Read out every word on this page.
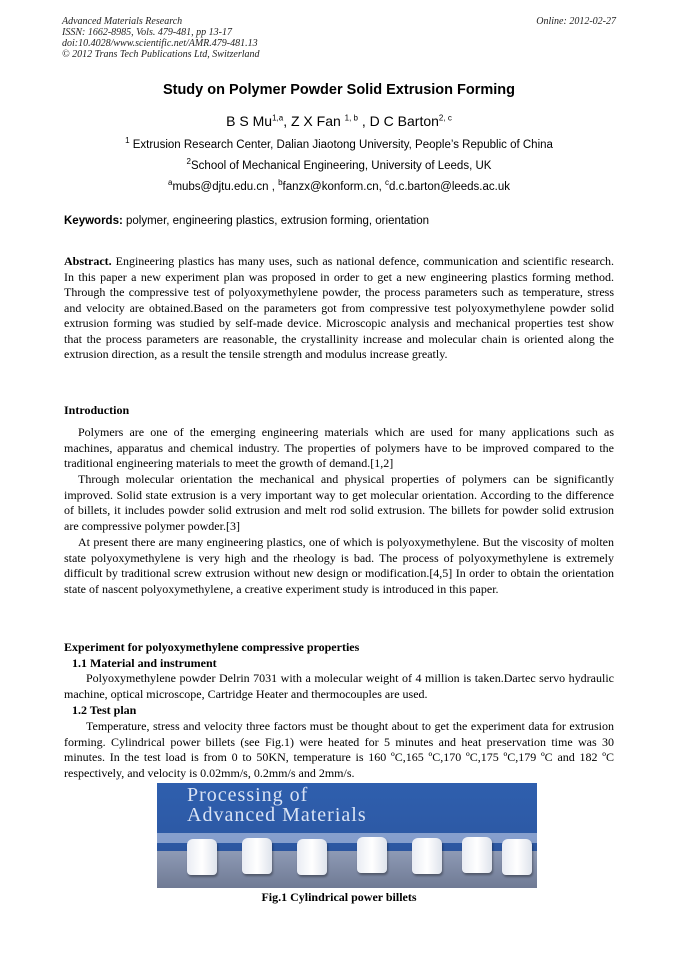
Advanced Materials Research
ISSN: 1662-8985, Vols. 479-481, pp 13-17
doi:10.4028/www.scientific.net/AMR.479-481.13
© 2012 Trans Tech Publications Ltd, Switzerland
Online: 2012-02-27
Study on Polymer Powder Solid Extrusion Forming
B S Mu$^{1,a}$, Z X Fan $^{1, b}$ , D C Barton$^{2, c}$
$^1$ Extrusion Research Center, Dalian Jiaotong University, People’s Republic of China
$^2$School of Mechanical Engineering, University of Leeds, UK
$^a$mubs@djtu.edu.cn , $^b$fanzx@konform.cn, $^c$d.c.barton@leeds.ac.uk
Keywords: polymer, engineering plastics, extrusion forming, orientation
Abstract. Engineering plastics has many uses, such as national defence, communication and scientific research. In this paper a new experiment plan was proposed in order to get a new engineering plastics forming method. Through the compressive test of polyoxymethylene powder, the process parameters such as temperature, stress and velocity are obtained.Based on the parameters got from compressive test polyoxymethylene powder solid extrusion forming was studied by self-made device. Microscopic analysis and mechanical properties test show that the process parameters are reasonable, the crystallinity increase and molecular chain is oriented along the extrusion direction, as a result the tensile strength and modulus increase greatly.
Introduction
Polymers are one of the emerging engineering materials which are used for many applications such as machines, apparatus and chemical industry. The properties of polymers have to be improved compared to the traditional engineering materials to meet the growth of demand.[1,2]
Through molecular orientation the mechanical and physical properties of polymers can be significantly improved. Solid state extrusion is a very important way to get molecular orientation. According to the difference of billets, it includes powder solid extrusion and melt rod solid extrusion. The billets for powder solid extrusion are compressive polymer powder.[3]
At present there are many engineering plastics, one of which is polyoxymethylene. But the viscosity of molten state polyoxymethylene is very high and the rheology is bad. The process of polyoxymethylene is extremely difficult by traditional screw extrusion without new design or modification.[4,5] In order to obtain the orientation state of nascent polyoxymethylene, a creative experiment study is introduced in this paper.
Experiment for polyoxymethylene compressive properties
1.1 Material and instrument
Polyoxymethylene powder Delrin 7031 with a molecular weight of 4 million is taken.Dartec servo hydraulic machine, optical microscope, Cartridge Heater and thermocouples are used.
1.2 Test plan
Temperature, stress and velocity three factors must be thought about to get the experiment data for extrusion forming. Cylindrical power billets (see Fig.1) were heated for 5 minutes and heat preservation time was 30 minutes. In the test load is from 0 to 50KN, temperature is 160 ºC,165 ºC,170 ºC,175 ºC,179 ºC and 182 ºC respectively, and velocity is 0.02mm/s, 0.2mm/s and 2mm/s.
Processing of
Advanced Materials
Fig.1 Cylindrical power billets
